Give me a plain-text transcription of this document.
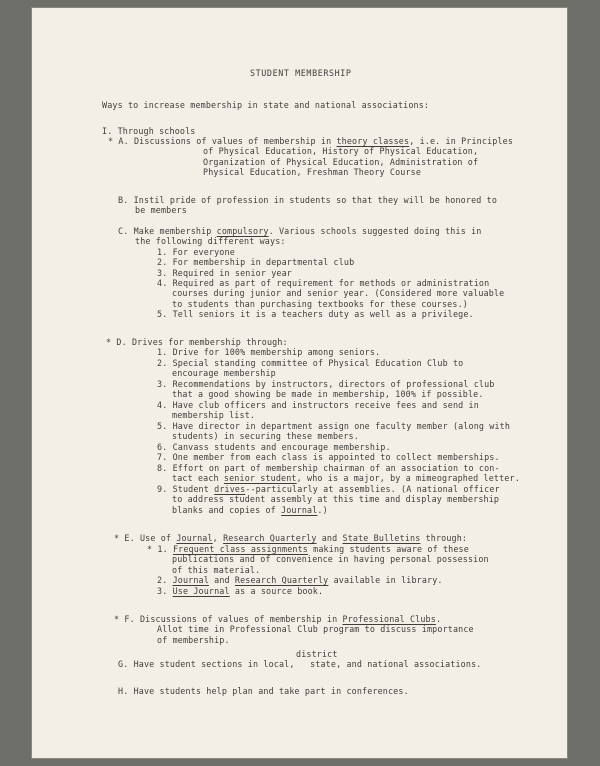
STUDENT MEMBERSHIP
Ways to increase membership in state and national associations:
I. Through schools
* A. Discussions of values of membership in theory classes, i.e. in Principles
of Physical Education, History of Physical Education,
Organization of Physical Education, Administration of
Physical Education, Freshman Theory Course
B. Instil pride of profession in students so that they will be honored to
be members
C. Make membership compulsory. Various schools suggested doing this in
the following different ways:
1. For everyone
2. For membership in departmental club
3. Required in senior year
4. Required as part of requirement for methods or administration
courses during junior and senior year. (Considered more valuable
to students than purchasing textbooks for these courses.)
5. Tell seniors it is a teachers duty as well as a privilege.
* D. Drives for membership through:
1. Drive for 100% membership among seniors.
2. Special standing committee of Physical Education Club to
encourage membership
3. Recommendations by instructors, directors of professional club
that a good showing be made in membership, 100% if possible.
4. Have club officers and instructors receive fees and send in
membership list.
5. Have director in department assign one faculty member (along with
students) in securing these members.
6. Canvass students and encourage membership.
7. One member from each class is appointed to collect memberships.
8. Effort on part of membership chairman of an association to con-
tact each senior student, who is a major, by a mimeographed letter.
9. Student drives--particularly at assemblies. (A national officer
to address student assembly at this time and display membership
blanks and copies of Journal.)
* E. Use of Journal, Research Quarterly and State Bulletins through:
* 1. Frequent class assignments making students aware of these
publications and of convenience in having personal possession
of this material.
2. Journal and Research Quarterly available in library.
3. Use Journal as a source book.
* F. Discussions of values of membership in Professional Clubs.
Allot time in Professional Club program to discuss importance
of membership.
district
G. Have student sections in local,   state, and national associations.
H. Have students help plan and take part in conferences.
